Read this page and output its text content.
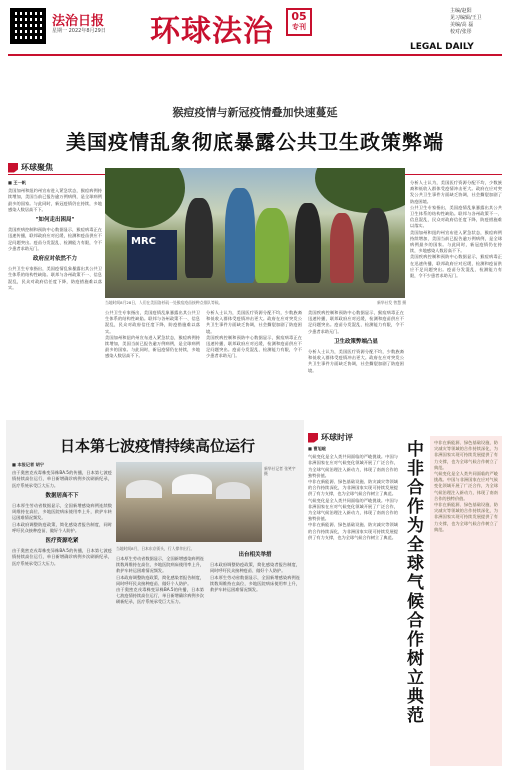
法治日报
星期一 2022年8月29日 环球法治	05
专刊
主编/赵阳
见习编辑/王卫
美编/高 磊
校对/张彤
LEGAL DAILY
猴痘疫情与新冠疫情叠加快速蔓延
美国疫情乱象彻底暴露公共卫生政策弊端
环球聚焦
■ 王一帆

美国加州和纽约州宣布进入紧急状态，猴痘病例持续增加，美国当前已报告逾万例病例，是全球病例最多的国家。与此同时，新冠疫情仍在持续，多地感染人数居高不下。

"如何走出困局"

美国疾病控制和预防中心数据显示，猴痘病毒正在迅速传播，联邦政府应对迟缓，检测和疫苗供应不足问题突出。疫苗分发混乱、检测能力有限，令不少患者求助无门。

政府应对依然不力

公共卫生专家指出，美国疫情乱象暴露出其公共卫生体系的结构性缺陷。联邦与各州政策不一、信息混乱，民众对政府信任度下降，防疫措施难以落实。

MRC
当地时间8月28日，人们在美国洛杉矶一处猴痘疫苗接种点排队等候。	新华社发 曾慧 摄

公共卫生专家指出，美国疫情乱象暴露出其公共卫生体系的结构性缺陷。联邦与各州政策不一、信息混乱，民众对政府信任度下降，防疫措施难以落实。

美国加州和纽约州宣布进入紧急状态，猴痘病例持续增加，美国当前已报告逾万例病例，是全球病例最多的国家。与此同时，新冠疫情仍在持续，多地感染人数居高不下。

分析人士认为，美国医疗资源分配不均，少数族裔和低收入群体受疫情冲击更大。政府在应对突发公共卫生事件方面缺乏协调，社会撕裂加剧了防疫困境。

美国疾病控制和预防中心数据显示，猴痘病毒正在迅速传播，联邦政府应对迟缓，检测和疫苗供应不足问题突出。疫苗分发混乱、检测能力有限，令不少患者求助无门。

美国疾病控制和预防中心数据显示，猴痘病毒正在迅速传播，联邦政府应对迟缓，检测和疫苗供应不足问题突出。疫苗分发混乱、检测能力有限，令不少患者求助无门。

卫生政策弊端凸显

分析人士认为，美国医疗资源分配不均，少数族裔和低收入群体受疫情冲击更大。政府在应对突发公共卫生事件方面缺乏协调，社会撕裂加剧了防疫困境。

分析人士认为，美国医疗资源分配不均，少数族裔和低收入群体受疫情冲击更大。政府在应对突发公共卫生事件方面缺乏协调，社会撕裂加剧了防疫困境。

公共卫生专家指出，美国疫情乱象暴露出其公共卫生体系的结构性缺陷。联邦与各州政策不一、信息混乱，民众对政府信任度下降，防疫措施难以落实。

美国加州和纽约州宣布进入紧急状态，猴痘病例持续增加，美国当前已报告逾万例病例，是全球病例最多的国家。与此同时，新冠疫情仍在持续，多地感染人数居高不下。

美国疾病控制和预防中心数据显示，猴痘病毒正在迅速传播，联邦政府应对迟缓，检测和疫苗供应不足问题突出。疫苗分发混乱、检测能力有限，令不少患者求助无门。

日本第七波疫情持续高位运行
■ 本报记者 胡宁

由于奥密克戎毒株变异株BA.5的传播，日本第七波疫情持续高位运行，单日新增确诊病例多次刷新纪录，医疗系统承受巨大压力。

数据居高不下

日本厚生劳动省数据显示，全国新增感染病例连续数周维持在高位，多地医院病床使用率上升，救护车转运困难情况频发。

日本政府调整防疫政策，简化感染者报告制度，同时呼吁民众接种疫苗、做好个人防护。

医疗资源吃紧

由于奥密克戎毒株变异株BA.5的传播，日本第七波疫情持续高位运行，单日新增确诊病例多次刷新纪录，医疗系统承受巨大压力。

新华社记者 张笑宇 摄
当地时间8月，日本东京街头，行人撑伞出行。

日本厚生劳动省数据显示，全国新增感染病例连续数周维持在高位，多地医院病床使用率上升，救护车转运困难情况频发。

日本政府调整防疫政策，简化感染者报告制度，同时呼吁民众接种疫苗、做好个人防护。

由于奥密克戎毒株变异株BA.5的传播，日本第七波疫情持续高位运行，单日新增确诊病例多次刷新纪录，医疗系统承受巨大压力。

出台相关举措

日本政府调整防疫政策，简化感染者报告制度，同时呼吁民众接种疫苗、做好个人防护。

日本厚生劳动省数据显示，全国新增感染病例连续数周维持在高位，多地医院病床使用率上升，救护车转运困难情况频发。

环球时评
■ 曹旭暄

气候变化是全人类共同面临的严峻挑战。中国与非洲国家在应对气候变化领域开展了广泛合作，为全球气候治理注入新动力，体现了南南合作的独特价值。

中非在新能源、绿色基础设施、防灾减灾等领域的合作持续深化，为非洲国家实现可持续发展提供了有力支撑，也为全球气候合作树立了典范。

气候变化是全人类共同面临的严峻挑战。中国与非洲国家在应对气候变化领域开展了广泛合作，为全球气候治理注入新动力，体现了南南合作的独特价值。

中非在新能源、绿色基础设施、防灾减灾等领域的合作持续深化，为非洲国家实现可持续发展提供了有力支撑，也为全球气候合作树立了典范。 中非合作为全球气候合作树立典范	中非在新能源、绿色基础设施、防灾减灾等领域的合作持续深化，为非洲国家实现可持续发展提供了有力支撑，也为全球气候合作树立了典范。

气候变化是全人类共同面临的严峻挑战。中国与非洲国家在应对气候变化领域开展了广泛合作，为全球气候治理注入新动力，体现了南南合作的独特价值。

中非在新能源、绿色基础设施、防灾减灾等领域的合作持续深化，为非洲国家实现可持续发展提供了有力支撑，也为全球气候合作树立了典范。
